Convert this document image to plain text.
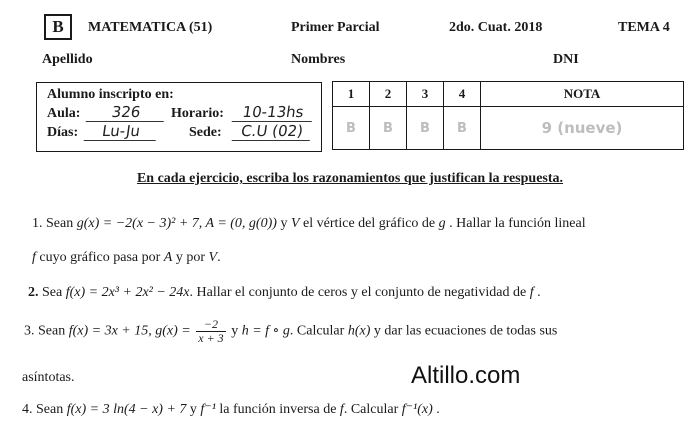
B	MATEMATICA (51)	Primer Parcial	2do. Cuat. 2018	TEMA 4
Apellido	Nombres	DNI
Alumno inscripto en:
Aula:	326	Horario:	10-13hs
Días:	Lu-Ju	Sede:	C.U (02)
1	2	3	4	NOTA
B	B	B	B	9 (nueve)
En cada ejercicio, escriba los razonamientos que justifican la respuesta.
1. Sean g(x) = −2(x − 3)² + 7, A = (0, g(0)) y V el vértice del gráfico de g . Hallar la función lineal
f cuyo gráfico pasa por A y por V.
2. Sea f(x) = 2x³ + 2x² − 24x. Hallar el conjunto de ceros y el conjunto de negatividad de f .
3. Sean f(x) = 3x + 15, $g(x) = \frac{-2}{x + 3}$ y h = f ∘ g. Calcular h(x) y dar las ecuaciones de todas sus
asíntotas.	Altillo.com
4. Sean f(x) = 3 ln(4 − x) + 7 y f⁻¹ la función inversa de f. Calcular f⁻¹(x) .
